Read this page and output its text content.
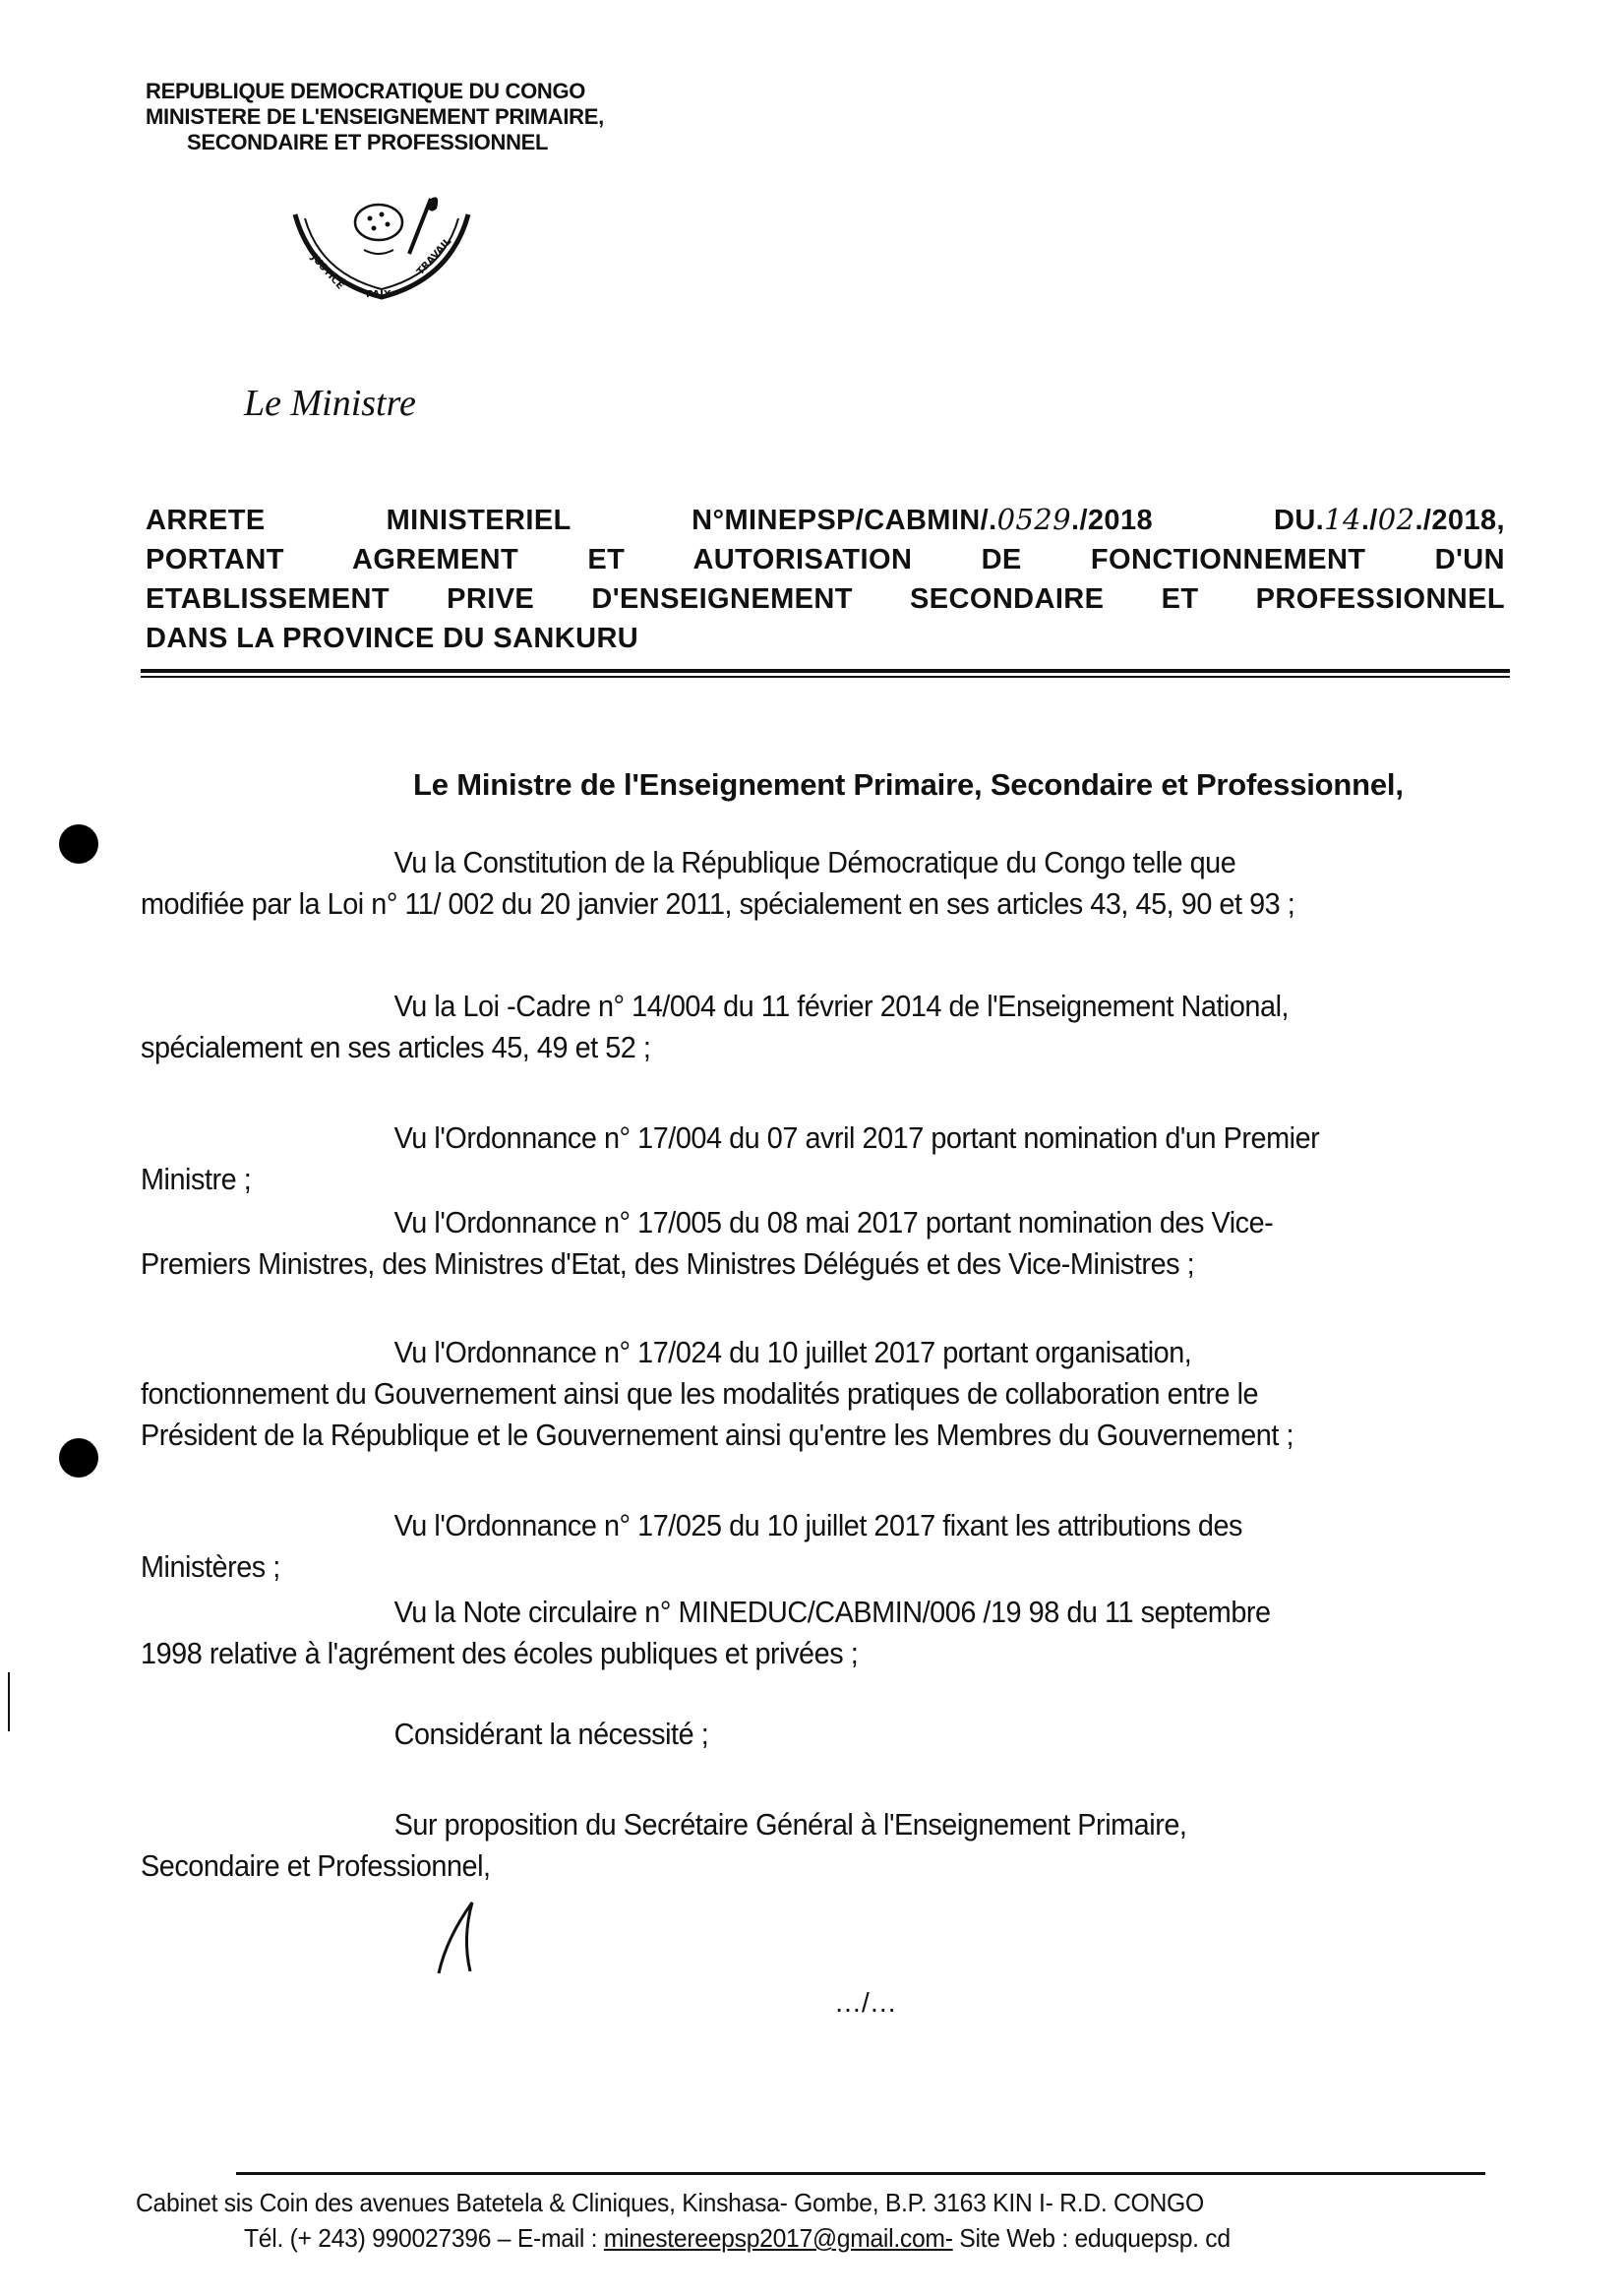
REPUBLIQUE DEMOCRATIQUE DU CONGO
MINISTERE DE L'ENSEIGNEMENT PRIMAIRE,
SECONDAIRE ET PROFESSIONNEL
JUSTICE
PAIX
TRAVAIL
Le Ministre
ARRETE	MINISTERIEL	N°MINEPSP/CABMIN/.0529./2018	DU.14./02./2018,
PORTANT AGREMENT ET AUTORISATION DE FONCTIONNEMENT D'UN
ETABLISSEMENT PRIVE D'ENSEIGNEMENT SECONDAIRE ET PROFESSIONNEL
DANS LA PROVINCE DU SANKURU
Le Ministre de l'Enseignement Primaire, Secondaire et Professionnel,
Vu la Constitution de la République Démocratique du Congo telle que
modifiée par la Loi n° 11/ 002 du 20 janvier 2011, spécialement en ses articles 43, 45, 90 et 93 ;
Vu la Loi -Cadre n° 14/004 du 11 février 2014 de l'Enseignement National,
spécialement en ses articles 45, 49 et 52 ;
Vu l'Ordonnance n° 17/004 du 07 avril 2017 portant nomination d'un Premier
Ministre ;
Vu l'Ordonnance n° 17/005 du 08 mai 2017 portant nomination des Vice-
Premiers Ministres, des Ministres d'Etat, des Ministres Délégués et des Vice-Ministres ;
Vu l'Ordonnance n° 17/024 du 10 juillet 2017 portant organisation,
fonctionnement du Gouvernement ainsi que les modalités pratiques de collaboration entre le
Président de la République et le Gouvernement ainsi qu'entre les Membres du Gouvernement ;
Vu l'Ordonnance n° 17/025 du 10 juillet 2017 fixant les attributions des
Ministères ;
Vu la Note circulaire n° MINEDUC/CABMIN/006 /19 98 du 11 septembre
1998 relative à l'agrément des écoles publiques et privées ;
Considérant la nécessité ;
Sur proposition du Secrétaire Général à l'Enseignement Primaire,
Secondaire et Professionnel,
…/…
Cabinet sis Coin des avenues Batetela & Cliniques, Kinshasa- Gombe, B.P. 3163 KIN I- R.D. CONGO
Tél. (+ 243) 990027396 – E-mail : minestereepsp2017@gmail.com- Site Web : eduquepsp. cd
